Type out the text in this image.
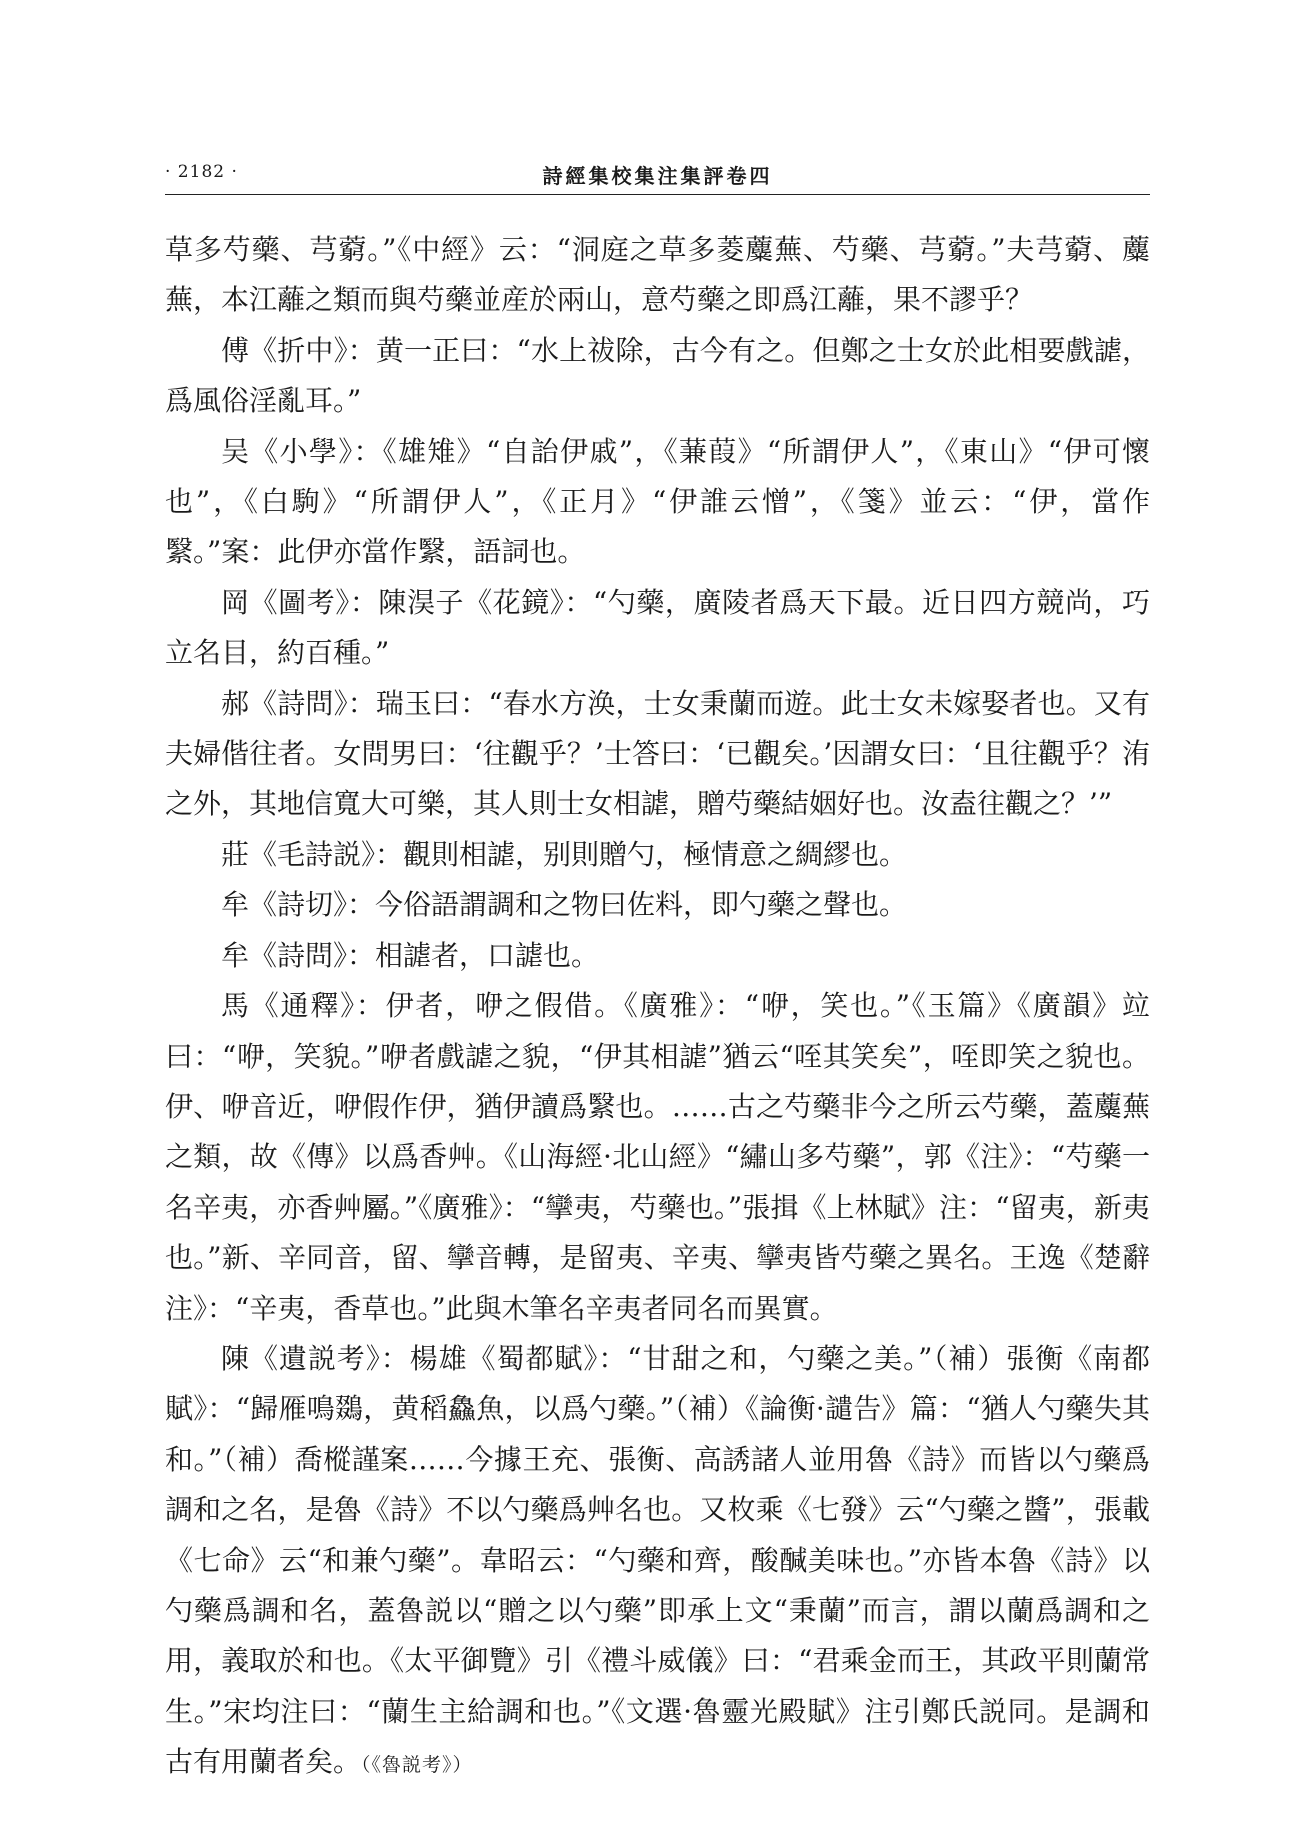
· 2182 ·	詩經集校集注集評卷四

草多芍藥、芎藭。”《中經》云：“洞庭之草多菱蘪蕪、芍藥、芎藭。”夫芎藭、蘪蕪，本江蘺之類而與芍藥並産於兩山，意芍藥之即爲江蘺，果不謬乎？

傅《折中》：黄一正曰：“水上祓除，古今有之。但鄭之士女於此相要戲謔，爲風俗淫亂耳。”

吴《小學》：《雄雉》“自詒伊戚”，《蒹葭》“所謂伊人”，《東山》“伊可懷也”，《白駒》“所謂伊人”，《正月》“伊誰云憎”，《箋》並云：“伊，當作繄。”案：此伊亦當作繄，語詞也。

岡《圖考》：陳淏子《花鏡》：“勺藥，廣陵者爲天下最。近日四方競尚，巧立名目，約百種。”

郝《詩問》：瑞玉曰：“春水方涣，士女秉蘭而遊。此士女未嫁娶者也。又有夫婦偕往者。女問男曰：‘往觀乎？’士答曰：‘已觀矣。’因謂女曰：‘且往觀乎？洧之外，其地信寬大可樂，其人則士女相謔，贈芍藥結姻好也。汝盍往觀之？’”

莊《毛詩説》：觀則相謔，别則贈勺，極情意之綢繆也。

牟《詩切》：今俗語謂調和之物曰佐料，即勺藥之聲也。

牟《詩問》：相謔者，口謔也。

馬《通釋》：伊者，咿之假借。《廣雅》：“咿，笑也。”《玉篇》《廣韻》竝曰：“咿，笑貌。”咿者戲謔之貌，“伊其相謔”猶云“咥其笑矣”，咥即笑之貌也。伊、咿音近，咿假作伊，猶伊讀爲繄也。……古之芍藥非今之所云芍藥，蓋蘪蕪之類，故《傳》以爲香艸。《山海經·北山經》“繡山多芍藥”，郭《注》：“芍藥一名辛夷，亦香艸屬。”《廣雅》：“攣夷，芍藥也。”張揖《上林賦》注：“留夷，新夷也。”新、辛同音，留、攣音轉，是留夷、辛夷、攣夷皆芍藥之異名。王逸《楚辭注》：“辛夷，香草也。”此與木筆名辛夷者同名而異實。

陳《遺説考》：楊雄《蜀都賦》：“甘甜之和，勺藥之美。”（補）張衡《南都賦》：“歸雁鳴鵽，黄稻鱻魚，以爲勺藥。”（補）《論衡·譴告》篇：“猶人勺藥失其和。”（補）喬樅謹案……今據王充、張衡、高誘諸人並用魯《詩》而皆以勺藥爲調和之名，是魯《詩》不以勺藥爲艸名也。又枚乘《七發》云“勺藥之醬”，張載《七命》云“和兼勺藥”。韋昭云：“勺藥和齊，酸醎美味也。”亦皆本魯《詩》以勺藥爲調和名，蓋魯説以“贈之以勺藥”即承上文“秉蘭”而言，謂以蘭爲調和之用，義取於和也。《太平御覽》引《禮斗威儀》曰：“君乘金而王，其政平則蘭常生。”宋均注曰：“蘭生主給調和也。”《文選·魯靈光殿賦》注引鄭氏説同。是調和古有用蘭者矣。（《魯説考》）
